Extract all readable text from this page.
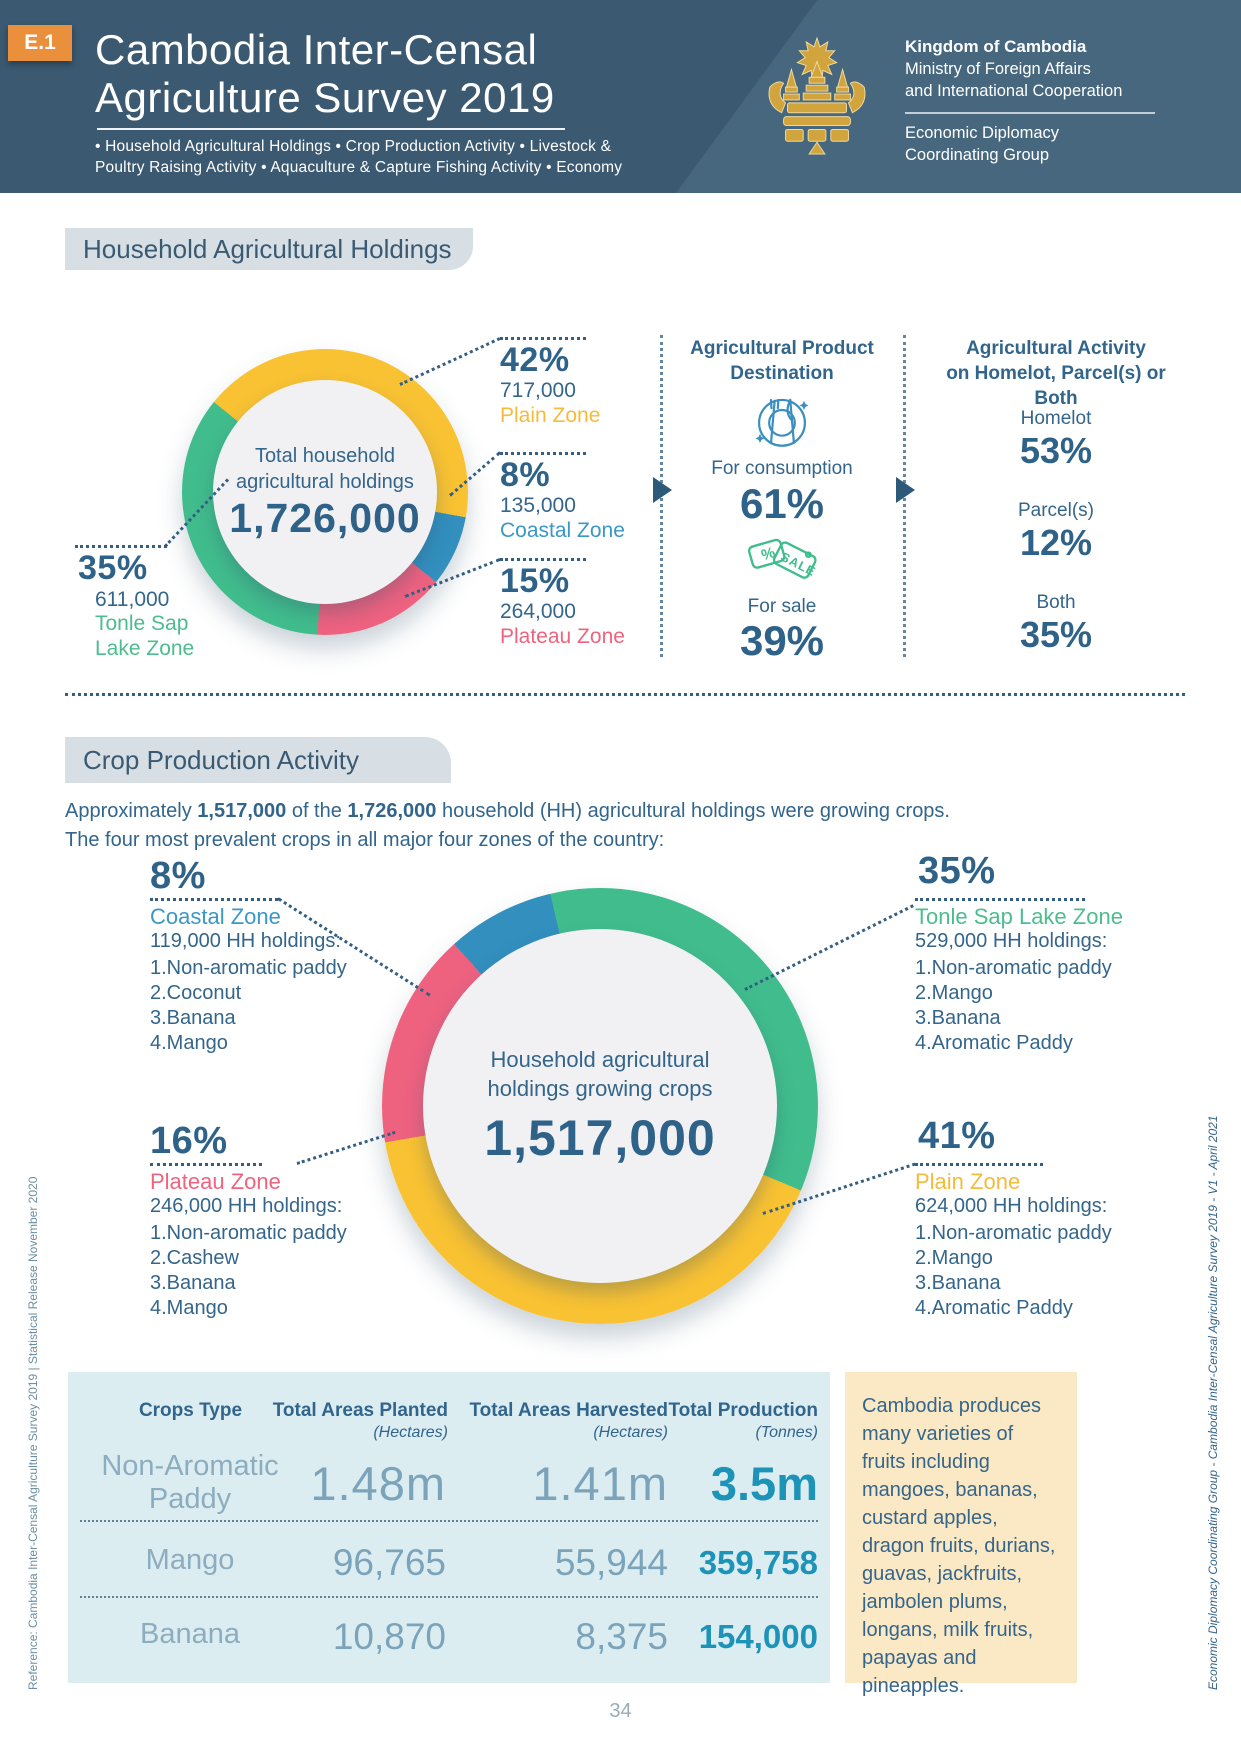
E.1 Cambodia Inter-Censal
Agriculture Survey 2019
• Household Agricultural Holdings • Crop Production Activity • Livestock &
Poultry Raising Activity • Aquaculture & Capture Fishing Activity • Economy
Kingdom of Cambodia
Ministry of Foreign Affairs
and International Cooperation
Economic Diplomacy
Coordinating Group
Household Agricultural Holdings
Total household
agricultural holdings
1,726,000
42%
717,000
Plain Zone
8%
135,000
Coastal Zone
15%
264,000
Plateau Zone
35%
611,000
Tonle Sap
Lake Zone
Agricultural Product
Destination
For consumption
61%
% SALE
For sale
39%
Agricultural Activity
on Homelot, Parcel(s) or Both
Homelot
53%
Parcel(s)
12%
Both
35%
Crop Production Activity
Approximately 1,517,000 of the 1,726,000 household (HH) agricultural holdings were growing crops.
The four most prevalent crops in all major four zones of the country:
Household agricultural
holdings growing crops
1,517,000
8%
Coastal Zone
119,000 HH holdings:
1.Non-aromatic paddy
2.Coconut
3.Banana
4.Mango
35%
Tonle Sap Lake Zone
529,000 HH holdings:
1.Non-aromatic paddy
2.Mango
3.Banana
4.Aromatic Paddy
16%
Plateau Zone
246,000 HH holdings:
1.Non-aromatic paddy
2.Cashew
3.Banana
4.Mango
41%
Plain Zone
624,000 HH holdings:
1.Non-aromatic paddy
2.Mango
3.Banana
4.Aromatic Paddy
Crops Type	Total Areas Planted
(Hectares)
Total Areas Harvested
(Hectares)
Total Production
(Tonnes)
Non-Aromatic
Paddy	1.48m	1.41m 3.5m
Mango	96,765	55,944 359,758
Banana	10,870	8,375 154,000
Cambodia produces many varieties of fruits including mangoes, bananas, custard apples, dragon fruits, durians, guavas, jackfruits, jambolen plums, longans, milk fruits, papayas and pineapples.
Reference: Cambodia Inter-Censal Agriculture Survey 2019 | Statistical Release November 2020	Economic Diplomacy Coordinating Group - Cambodia Inter-Censal Agriculture Survey 2019 - V1 - April 2021
34
